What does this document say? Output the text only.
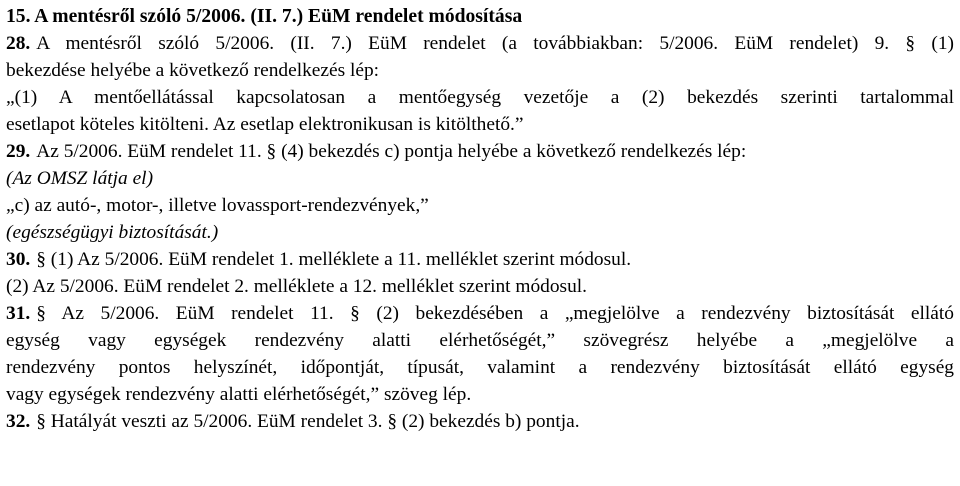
15. A mentésről szóló 5/2006. (II. 7.) EüM rendelet módosítása
28. A mentésről szóló 5/2006. (II. 7.) EüM rendelet (a továbbiakban: 5/2006. EüM rendelet) 9. § (1)
bekezdése helyébe a következő rendelkezés lép:
„(1) A mentőellátással kapcsolatosan a mentőegység vezetője a (2) bekezdés szerinti tartalommal
esetlapot köteles kitölteni. Az esetlap elektronikusan is kitölthető.”
29. Az 5/2006. EüM rendelet 11. § (4) bekezdés c) pontja helyébe a következő rendelkezés lép:
(Az OMSZ látja el)
„c) az autó-, motor-, illetve lovassport-rendezvények,”
(egészségügyi biztosítását.)
30. § (1) Az 5/2006. EüM rendelet 1. melléklete a 11. melléklet szerint módosul.
(2) Az 5/2006. EüM rendelet 2. melléklete a 12. melléklet szerint módosul.
31. § Az 5/2006. EüM rendelet 11. § (2) bekezdésében a „megjelölve a rendezvény biztosítását ellátó
egység vagy egységek rendezvény alatti elérhetőségét,” szövegrész helyébe a „megjelölve a
rendezvény pontos helyszínét, időpontját, típusát, valamint a rendezvény biztosítását ellátó egység
vagy egységek rendezvény alatti elérhetőségét,” szöveg lép.
32. § Hatályát veszti az 5/2006. EüM rendelet 3. § (2) bekezdés b) pontja.
